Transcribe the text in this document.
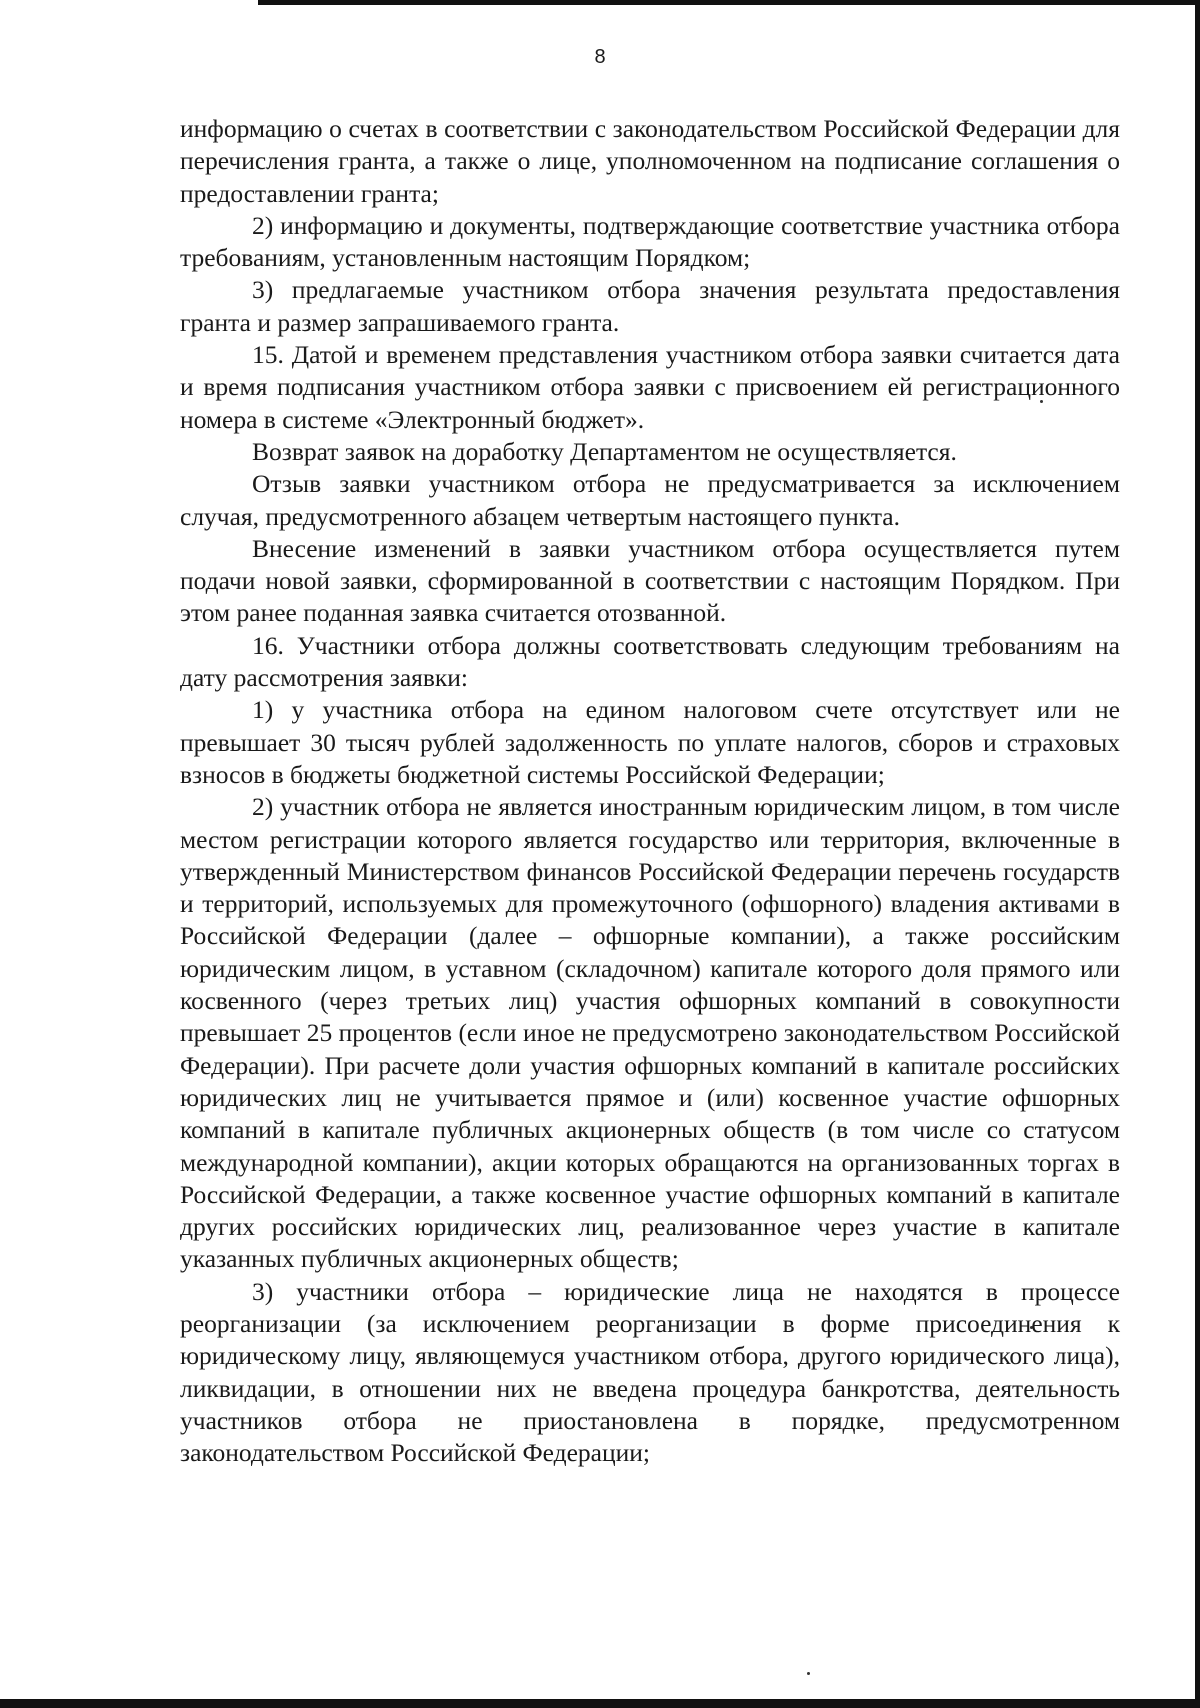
8

информацию о счетах в соответствии с законодательством Российской Федерации для перечисления гранта, а также о лице, уполномоченном на подписание соглашения о предоставлении гранта;

2) информацию и документы, подтверждающие соответствие участника отбора требованиям, установленным настоящим Порядком;

3) предлагаемые участником отбора значения результата предоставления гранта и размер запрашиваемого гранта.

15. Датой и временем представления участником отбора заявки считается дата и время подписания участником отбора заявки с присвоением ей регистрационного номера в системе «Электронный бюджет».

Возврат заявок на доработку Департаментом не осуществляется.

Отзыв заявки участником отбора не предусматривается за исключением случая, предусмотренного абзацем четвертым настоящего пункта.

Внесение изменений в заявки участником отбора осуществляется путем подачи новой заявки, сформированной в соответствии с настоящим Порядком. При этом ранее поданная заявка считается отозванной.

16. Участники отбора должны соответствовать следующим требованиям на дату рассмотрения заявки:

1) у участника отбора на едином налоговом счете отсутствует или не превышает 30 тысяч рублей задолженность по уплате налогов, сборов и страховых взносов в бюджеты бюджетной системы Российской Федерации;

2) участник отбора не является иностранным юридическим лицом, в том числе местом регистрации которого является государство или территория, включенные в утвержденный Министерством финансов Российской Федерации перечень государств и территорий, используемых для промежуточного (офшорного) владения активами в Российской Федерации (далее – офшорные компании), а также российским юридическим лицом, в уставном (складочном) капитале которого доля прямого или косвенного (через третьих лиц) участия офшорных компаний в совокупности превышает 25 процентов (если иное не предусмотрено законодательством Российской Федерации). При расчете доли участия офшорных компаний в капитале российских юридических лиц не учитывается прямое и (или) косвенное участие офшорных компаний в капитале публичных акционерных обществ (в том числе со статусом международной компании), акции которых обращаются на организованных торгах в Российской Федерации, а также косвенное участие офшорных компаний в капитале других российских юридических лиц, реализованное через участие в капитале указанных публичных акционерных обществ;

3) участники отбора – юридические лица не находятся в процессе реорганизации (за исключением реорганизации в форме присоединения к юридическому лицу, являющемуся участником отбора, другого юридического лица), ликвидации, в отношении них не введена процедура банкротства, деятельность участников отбора не приостановлена в порядке, предусмотренном законодательством Российской Федерации;
